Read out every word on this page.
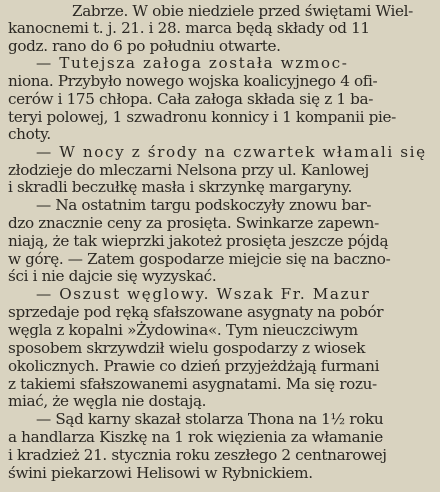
Zabrze. W obie niedziele przed świętami Wiel-
kanocnemi t. j. 21. i 28. marca będą składy od 11
godz. rano do 6 po południu otwarte.
— Tutejsza załoga została wzmoc-
niona. Przybyło nowego wojska koalicyjnego 4 ofi-
cerów i 175 chłopa. Cała załoga składa się z 1 ba-
teryi polowej, 1 szwadronu konnicy i 1 kompanii pie-
choty.
— W nocy z środy na czwartek włamali się
złodzieje do mleczarni Nelsona przy ul. Kanlowej
i skradli beczułkę masła i skrzynkę margaryny.
— Na ostatnim targu podskoczyły znowu bar-
dzo znacznie ceny za prosięta. Swinkarze zapewn-
niają, że tak wieprzki jakoteż prosięta jeszcze pójdą
w górę. — Zatem gospodarze miejcie się na baczno-
ści i nie dajcie się wyzyskać.
— Oszust węglowy. Wszak Fr. Mazur
sprzedaje pod ręką sfałszowane asygnaty na pobór
węgla z kopalni »Żydowina«. Tym nieuczciwym
sposobem skrzywdził wielu gospodarzy z wiosek
okolicznych. Prawie co dzień przyjeżdżają furmani
z takiemi sfałszowanemi asygnatami. Ma się rozu-
miać, że węgla nie dostają.
— Sąd karny skazał stolarza Thona na 1½ roku
a handlarza Kiszkę na 1 rok więzienia za włamanie
i kradzież 21. stycznia roku zeszłego 2 centnarowej
świni piekarzowi Helisowi w Rybnickiem.
